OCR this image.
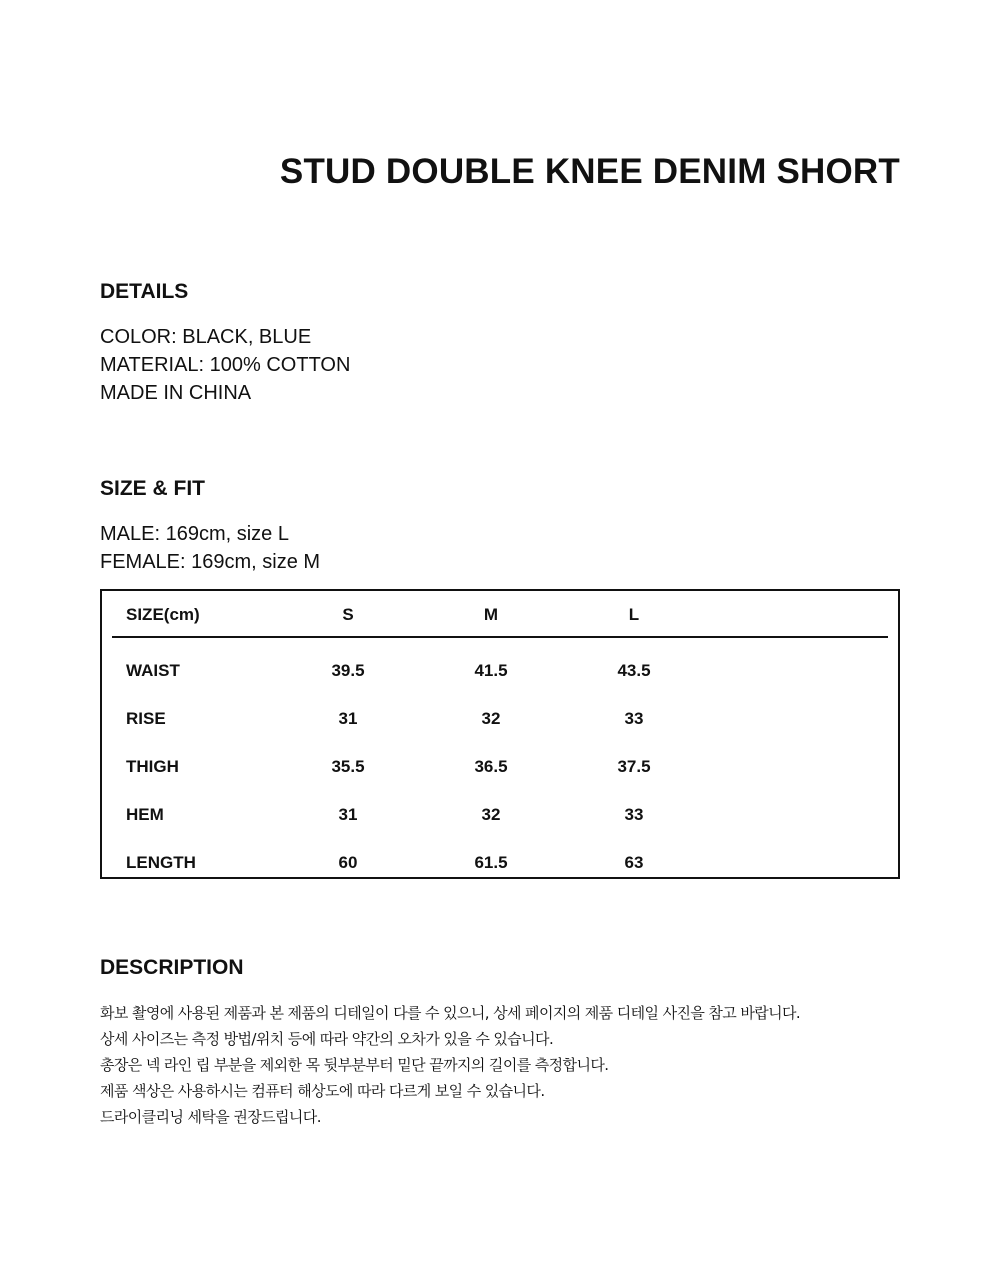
STUD DOUBLE KNEE DENIM SHORT
DETAILS
COLOR: BLACK, BLUE
MATERIAL: 100% COTTON
MADE IN CHINA
SIZE & FIT
MALE: 169cm, size L
FEMALE: 169cm, size M
SIZE(cm)	S	M	L
WAIST	39.5	41.5	43.5
RISE	31	32	33
THIGH	35.5	36.5	37.5
HEM	31	32	33
LENGTH	60	61.5	63
DESCRIPTION
화보 촬영에 사용된 제품과 본 제품의 디테일이 다를 수 있으니, 상세 페이지의 제품 디테일 사진을 참고 바랍니다.
상세 사이즈는 측정 방법/위치 등에 따라 약간의 오차가 있을 수 있습니다.
총장은 넥 라인 립 부분을 제외한 목 뒷부분부터 밑단 끝까지의 길이를 측정합니다.
제품 색상은 사용하시는 컴퓨터 해상도에 따라 다르게 보일 수 있습니다.
드라이클리닝 세탁을 권장드립니다.
